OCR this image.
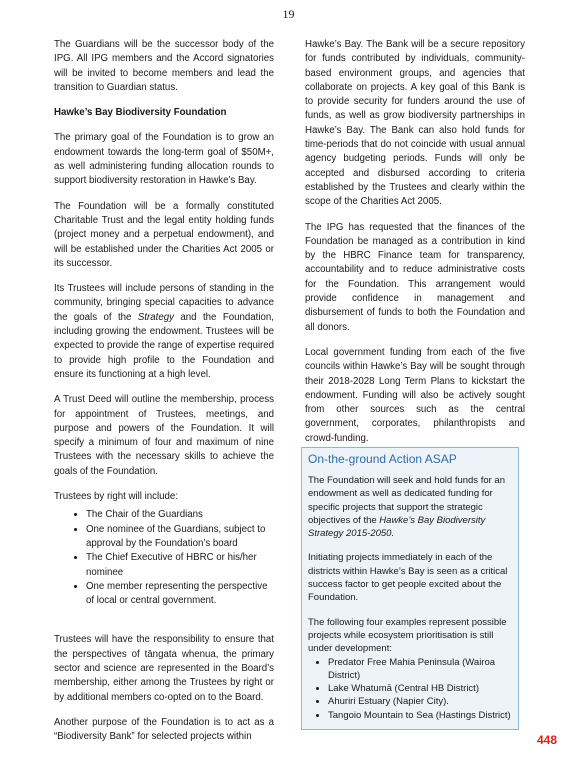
19

The Guardians will be the successor body of the IPG. All IPG members and the Accord signatories will be invited to become members and lead the transition to Guardian status.

Hawke’s Bay Biodiversity Foundation

The primary goal of the Foundation is to grow an endowment towards the long-term goal of $50M+, as well administering funding allocation rounds to support biodiversity restoration in Hawke’s Bay.

The Foundation will be a formally constituted Charitable Trust and the legal entity holding funds (project money and a perpetual endowment), and will be established under the Charities Act 2005 or its successor.

Its Trustees will include persons of standing in the community, bringing special capacities to advance the goals of the Strategy and the Foundation, including growing the endowment. Trustees will be expected to provide the range of expertise required to provide high profile to the Foundation and ensure its functioning at a high level.

A Trust Deed will outline the membership, process for appointment of Trustees, meetings, and purpose and powers of the Foundation. It will specify a minimum of four and maximum of nine Trustees with the necessary skills to achieve the goals of the Foundation.

Trustees by right will include:

• The Chair of the Guardians
• One nominee of the Guardians, subject to approval by the Foundation’s board
• The Chief Executive of HBRC or his/her nominee
• One member representing the perspective of local or central government.

Trustees will have the responsibility to ensure that the perspectives of tāngata whenua, the primary sector and science are represented in the Board’s membership, either among the Trustees by right or by additional members co-opted on to the Board.

Another purpose of the Foundation is to act as a “Biodiversity Bank” for selected projects within

Hawke’s Bay. The Bank will be a secure repository for funds contributed by individuals, community-based environment groups, and agencies that collaborate on projects. A key goal of this Bank is to provide security for funders around the use of funds, as well as grow biodiversity partnerships in Hawke’s Bay. The Bank can also hold funds for time-periods that do not coincide with usual annual agency budgeting periods. Funds will only be accepted and disbursed according to criteria established by the Trustees and clearly within the scope of the Charities Act 2005.

The IPG has requested that the finances of the Foundation be managed as a contribution in kind by the HBRC Finance team for transparency, accountability and to reduce administrative costs for the Foundation. This arrangement would provide confidence in management and disbursement of funds to both the Foundation and all donors.

Local government funding from each of the five councils within Hawke’s Bay will be sought through their 2018-2028 Long Term Plans to kickstart the endowment. Funding will also be actively sought from other sources such as the central government, corporates, philanthropists and crowd-funding.

On-the-ground Action ASAP

The Foundation will seek and hold funds for an endowment as well as dedicated funding for specific projects that support the strategic objectives of the Hawke’s Bay Biodiversity Strategy 2015-2050.

Initiating projects immediately in each of the districts within Hawke’s Bay is seen as a critical success factor to get people excited about the Foundation.

The following four examples represent possible projects while ecosystem prioritisation is still under development:

• Predator Free Mahia Peninsula (Wairoa District)
• Lake Whatumā (Central HB District)
• Ahuriri Estuary (Napier City).
• Tangoio Mountain to Sea (Hastings District)
448
